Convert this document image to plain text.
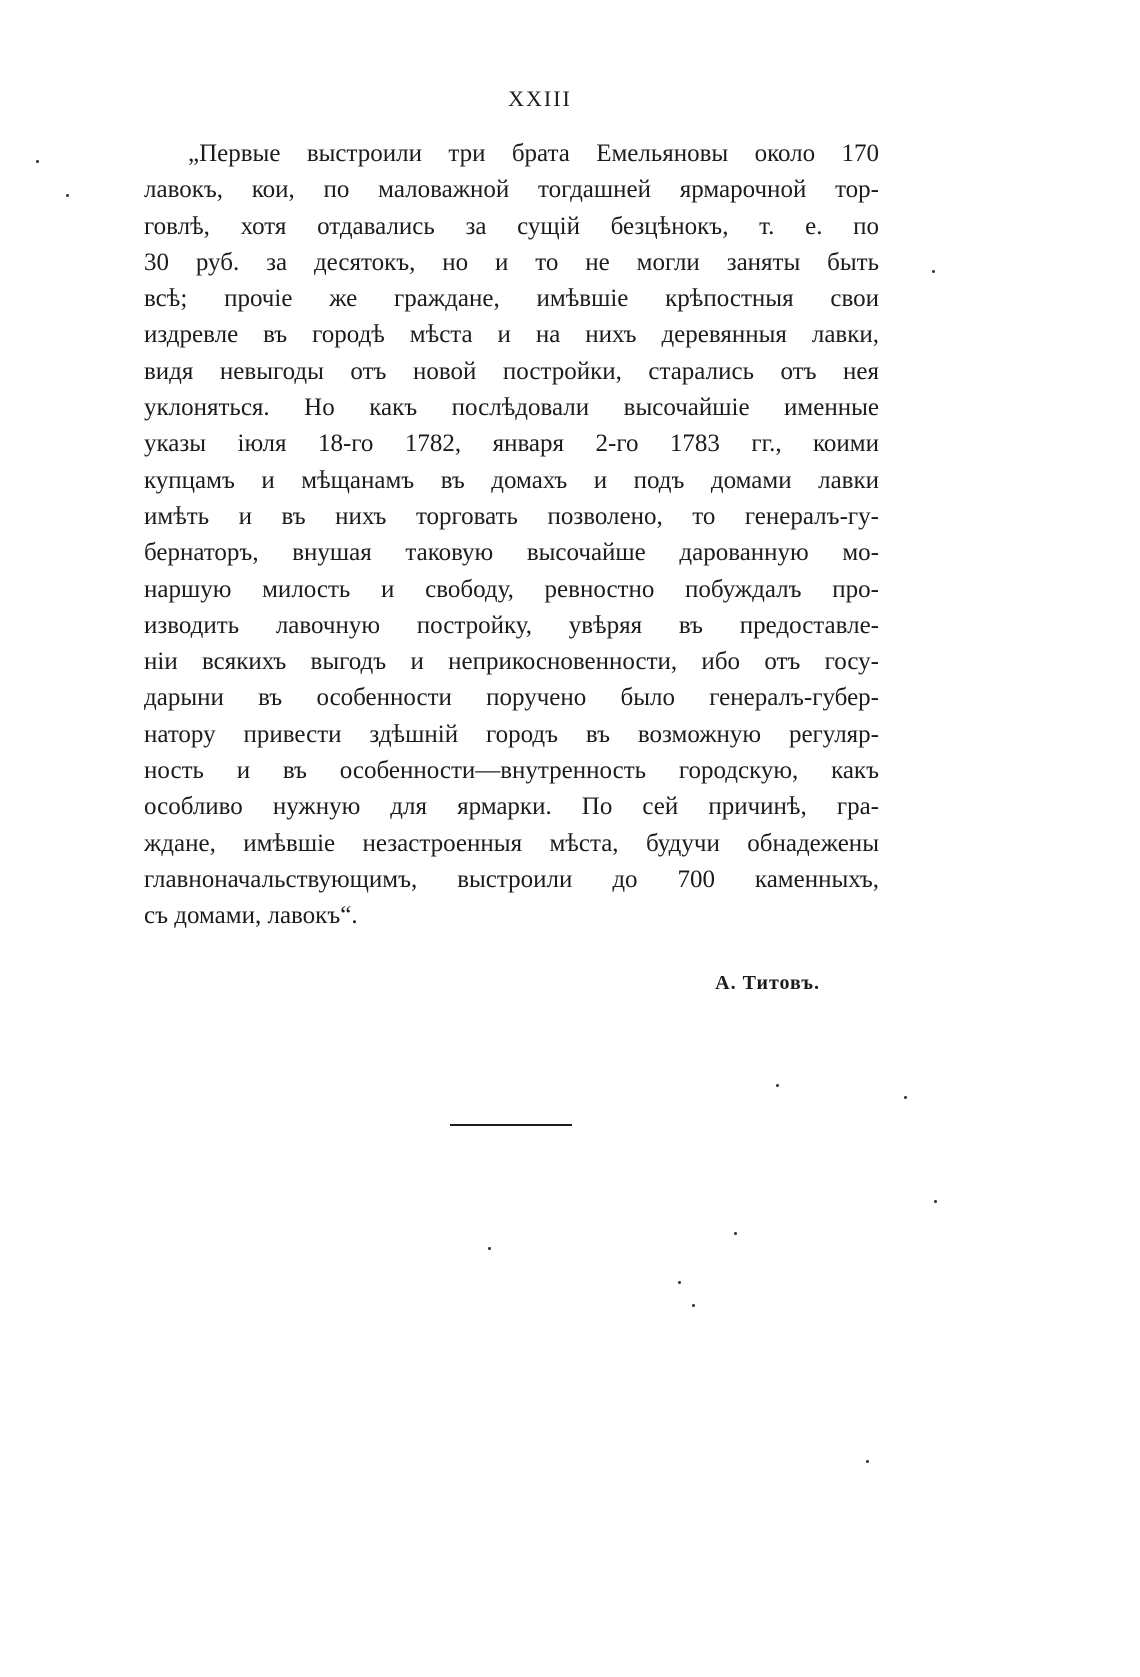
XXIII
„Первые выстроили три брата Емельяновы около 170
лавокъ, кои, по маловажной тогдашней ярмарочной тор-
говлѣ, хотя отдавались за сущій безцѣнокъ, т. е. по
30 руб. за десятокъ, но и то не могли заняты быть
всѣ; прочіе же граждане, имѣвшіе крѣпостныя свои
издревле въ городѣ мѣста и на нихъ деревянныя лавки,
видя невыгоды отъ новой постройки, старались отъ нея
уклоняться. Но какъ послѣдовали высочайшіе именные
указы іюля 18-го 1782, января 2-го 1783 гг., коими
купцамъ и мѣщанамъ въ домахъ и подъ домами лавки
имѣть и въ нихъ торговать позволено, то генералъ-гу-
бернаторъ, внушая таковую высочайше дарованную мо-
наршую милость и свободу, ревностно побуждалъ про-
изводить лавочную постройку, увѣряя въ предоставле-
ніи всякихъ выгодъ и неприкосновенности, ибо отъ госу-
дарыни въ особенности поручено было генералъ-губер-
натору привести здѣшній городъ въ возможную регуляр-
ность и въ особенности—внутренность городскую, какъ
особливо нужную для ярмарки. По сей причинѣ, гра-
ждане, имѣвшіе незастроенныя мѣста, будучи обнадежены
главноначальствующимъ, выстроили до 700 каменныхъ,
съ домами, лавокъ“.
А. Титовъ.
